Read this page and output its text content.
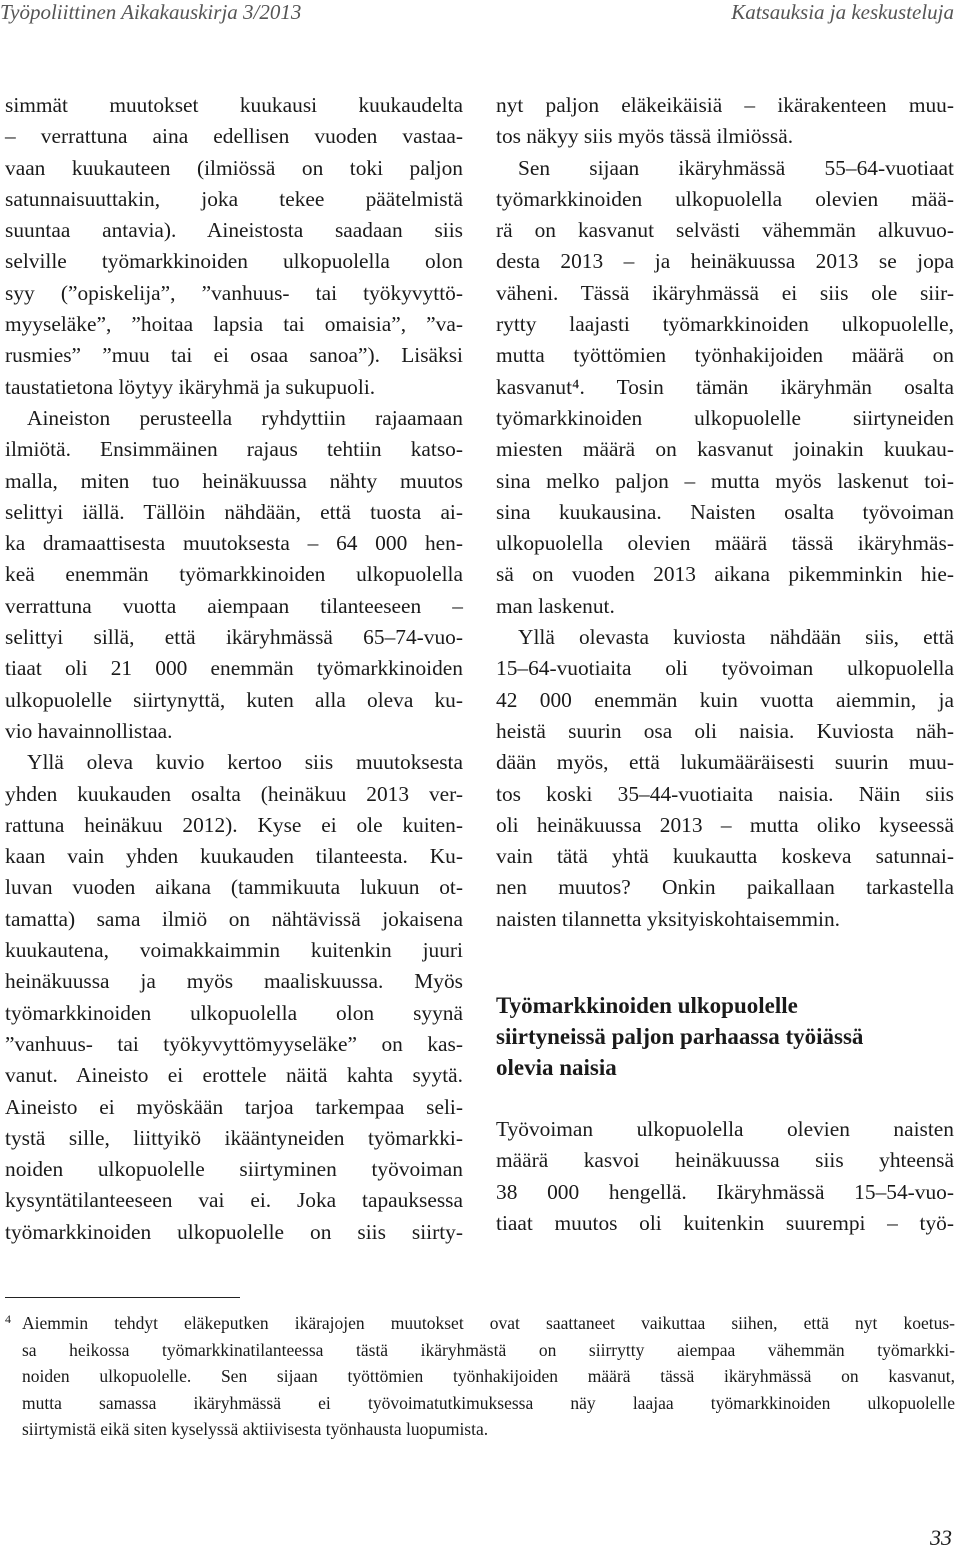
Työpoliittinen Aikakauskirja 3/2013	Katsauksia ja keskusteluja
simmät muutokset kuukausi kuukaudelta
– verrattuna aina edellisen vuoden vastaa-
vaan kuukauteen (ilmiössä on toki paljon
satunnaisuuttakin, joka tekee päätelmistä
suuntaa antavia). Aineistosta saadaan siis
selville työmarkkinoiden ulkopuolella olon
syy (”opiskelija”, ”vanhuus- tai työkyvyttö-
myyseläke”, ”hoitaa lapsia tai omaisia”, ”va-
rusmies” ”muu tai ei osaa sanoa”). Lisäksi
taustatietona löytyy ikäryhmä ja sukupuoli.
Aineiston perusteella ryhdyttiin rajaamaan
ilmiötä. Ensimmäinen rajaus tehtiin katso-
malla, miten tuo heinäkuussa nähty muutos
selittyi iällä. Tällöin nähdään, että tuosta ai-
ka dramaattisesta muutoksesta – 64 000 hen-
keä enemmän työmarkkinoiden ulkopuolella
verrattuna vuotta aiempaan tilanteeseen –
selittyi sillä, että ikäryhmässä 65–74-vuo-
tiaat oli 21 000 enemmän työmarkkinoiden
ulkopuolelle siirtynyttä, kuten alla oleva ku-
vio havainnollistaa.
Yllä oleva kuvio kertoo siis muutoksesta
yhden kuukauden osalta (heinäkuu 2013 ver-
rattuna heinäkuu 2012). Kyse ei ole kuiten-
kaan vain yhden kuukauden tilanteesta. Ku-
luvan vuoden aikana (tammikuuta lukuun ot-
tamatta) sama ilmiö on nähtävissä jokaisena
kuukautena, voimakkaimmin kuitenkin juuri
heinäkuussa ja myös maaliskuussa. Myös
työmarkkinoiden ulkopuolella olon syynä
”vanhuus- tai työkyvyttömyyseläke” on kas-
vanut. Aineisto ei erottele näitä kahta syytä.
Aineisto ei myöskään tarjoa tarkempaa seli-
tystä sille, liittyikö ikääntyneiden työmarkki-
noiden ulkopuolelle siirtyminen työvoiman
kysyntätilanteeseen vai ei. Joka tapauksessa
työmarkkinoiden ulkopuolelle on siis siirty-
nyt paljon eläkeikäisiä – ikärakenteen muu-
tos näkyy siis myös tässä ilmiössä.
Sen sijaan ikäryhmässä 55–64-vuotiaat
työmarkkinoiden ulkopuolella olevien mää-
rä on kasvanut selvästi vähemmän alkuvuo-
desta 2013 – ja heinäkuussa 2013 se jopa
väheni. Tässä ikäryhmässä ei siis ole siir-
rytty laajasti työmarkkinoiden ulkopuolelle,
mutta työttömien työnhakijoiden määrä on
kasvanut⁴. Tosin tämän ikäryhmän osalta
työmarkkinoiden ulkopuolelle siirtyneiden
miesten määrä on kasvanut joinakin kuukau-
sina melko paljon – mutta myös laskenut toi-
sina kuukausina. Naisten osalta työvoiman
ulkopuolella olevien määrä tässä ikäryhmäs-
sä on vuoden 2013 aikana pikemminkin hie-
man laskenut.
Yllä olevasta kuviosta nähdään siis, että
15–64-vuotiaita oli työvoiman ulkopuolella
42 000 enemmän kuin vuotta aiemmin, ja
heistä suurin osa oli naisia. Kuviosta näh-
dään myös, että lukumääräisesti suurin muu-
tos koski 35–44-vuotiaita naisia. Näin siis
oli heinäkuussa 2013 – mutta oliko kyseessä
vain tätä yhtä kuukautta koskeva satunnai-
nen muutos? Onkin paikallaan tarkastella
naisten tilannetta yksityiskohtaisemmin.
Työmarkkinoiden ulkopuolelle
siirtyneissä paljon parhaassa työiässä
olevia naisia
Työvoiman ulkopuolella olevien naisten
määrä kasvoi heinäkuussa siis yhteensä
38 000 hengellä. Ikäryhmässä 15–54-vuo-
tiaat muutos oli kuitenkin suurempi – työ-
4 Aiemmin tehdyt eläkeputken ikärajojen muutokset ovat saattaneet vaikuttaa siihen, että nyt koetus-
sa heikossa työmarkkinatilanteessa tästä ikäryhmästä on siirrytty aiempaa vähemmän työmarkki-
noiden ulkopuolelle. Sen sijaan työttömien työnhakijoiden määrä tässä ikäryhmässä on kasvanut,
mutta samassa ikäryhmässä ei työvoimatutkimuksessa näy laajaa työmarkkinoiden ulkopuolelle
siirtymistä eikä siten kyselyssä aktiivisesta työnhausta luopumista.
33
